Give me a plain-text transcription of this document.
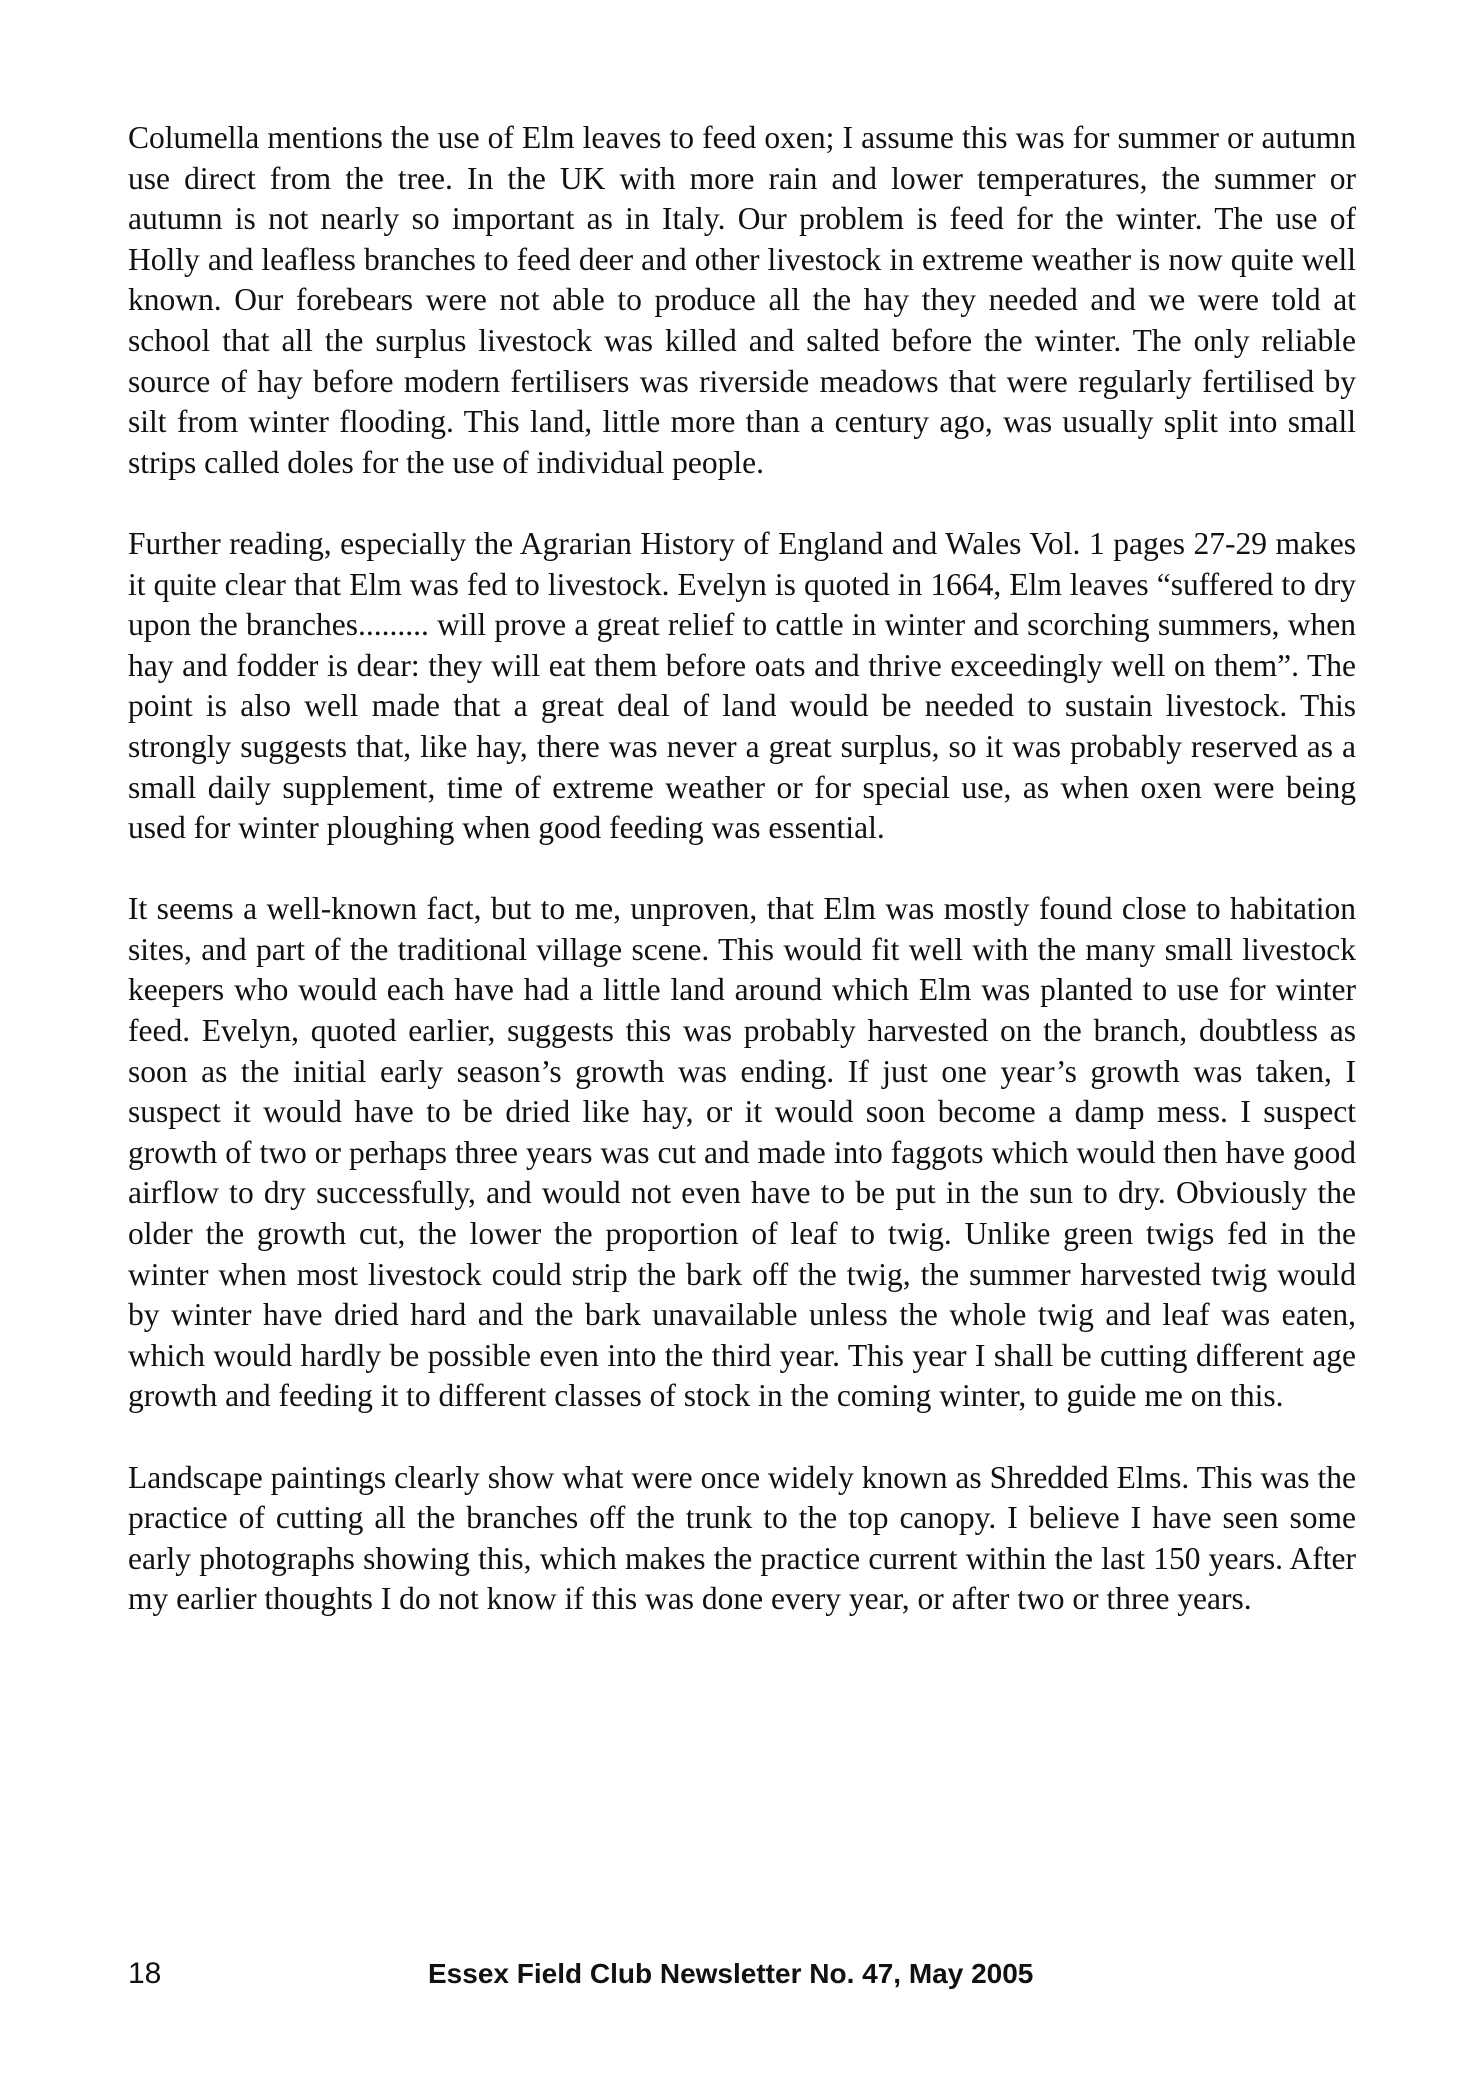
Columella mentions the use of Elm leaves to feed oxen; I assume this was for summer or autumn use direct from the tree. In the UK with more rain and lower temperatures, the summer or autumn is not nearly so important as in Italy. Our problem is feed for the winter. The use of Holly and leafless branches to feed deer and other livestock in extreme weather is now quite well known. Our forebears were not able to produce all the hay they needed and we were told at school that all the surplus livestock was killed and salted before the winter. The only reliable source of hay before modern fertilisers was riverside meadows that were regularly fertilised by silt from winter flooding. This land, little more than a century ago, was usually split into small strips called doles for the use of individual people.

Further reading, especially the Agrarian History of England and Wales Vol. 1 pages 27-29 makes it quite clear that Elm was fed to livestock. Evelyn is quoted in 1664, Elm leaves “suffered to dry upon the branches......... will prove a great relief to cattle in winter and scorching summers, when hay and fodder is dear: they will eat them before oats and thrive exceedingly well on them”. The point is also well made that a great deal of land would be needed to sustain livestock. This strongly suggests that, like hay, there was never a great surplus, so it was probably reserved as a small daily supplement, time of extreme weather or for special use, as when oxen were being used for winter ploughing when good feeding was essential.

It seems a well-known fact, but to me, unproven, that Elm was mostly found close to habitation sites, and part of the traditional village scene. This would fit well with the many small livestock keepers who would each have had a little land around which Elm was planted to use for winter feed. Evelyn, quoted earlier, suggests this was probably harvested on the branch, doubtless as soon as the initial early season’s growth was ending. If just one year’s growth was taken, I suspect it would have to be dried like hay, or it would soon become a damp mess. I suspect growth of two or perhaps three years was cut and made into faggots which would then have good airflow to dry successfully, and would not even have to be put in the sun to dry. Obviously the older the growth cut, the lower the proportion of leaf to twig. Unlike green twigs fed in the winter when most livestock could strip the bark off the twig, the summer harvested twig would by winter have dried hard and the bark unavailable unless the whole twig and leaf was eaten, which would hardly be possible even into the third year. This year I shall be cutting different age growth and feeding it to different classes of stock in the coming winter, to guide me on this.

Landscape paintings clearly show what were once widely known as Shredded Elms. This was the practice of cutting all the branches off the trunk to the top canopy. I believe I have seen some early photographs showing this, which makes the practice current within the last 150 years. After my earlier thoughts I do not know if this was done every year, or after two or three years.

18	Essex Field Club Newsletter No. 47, May 2005
